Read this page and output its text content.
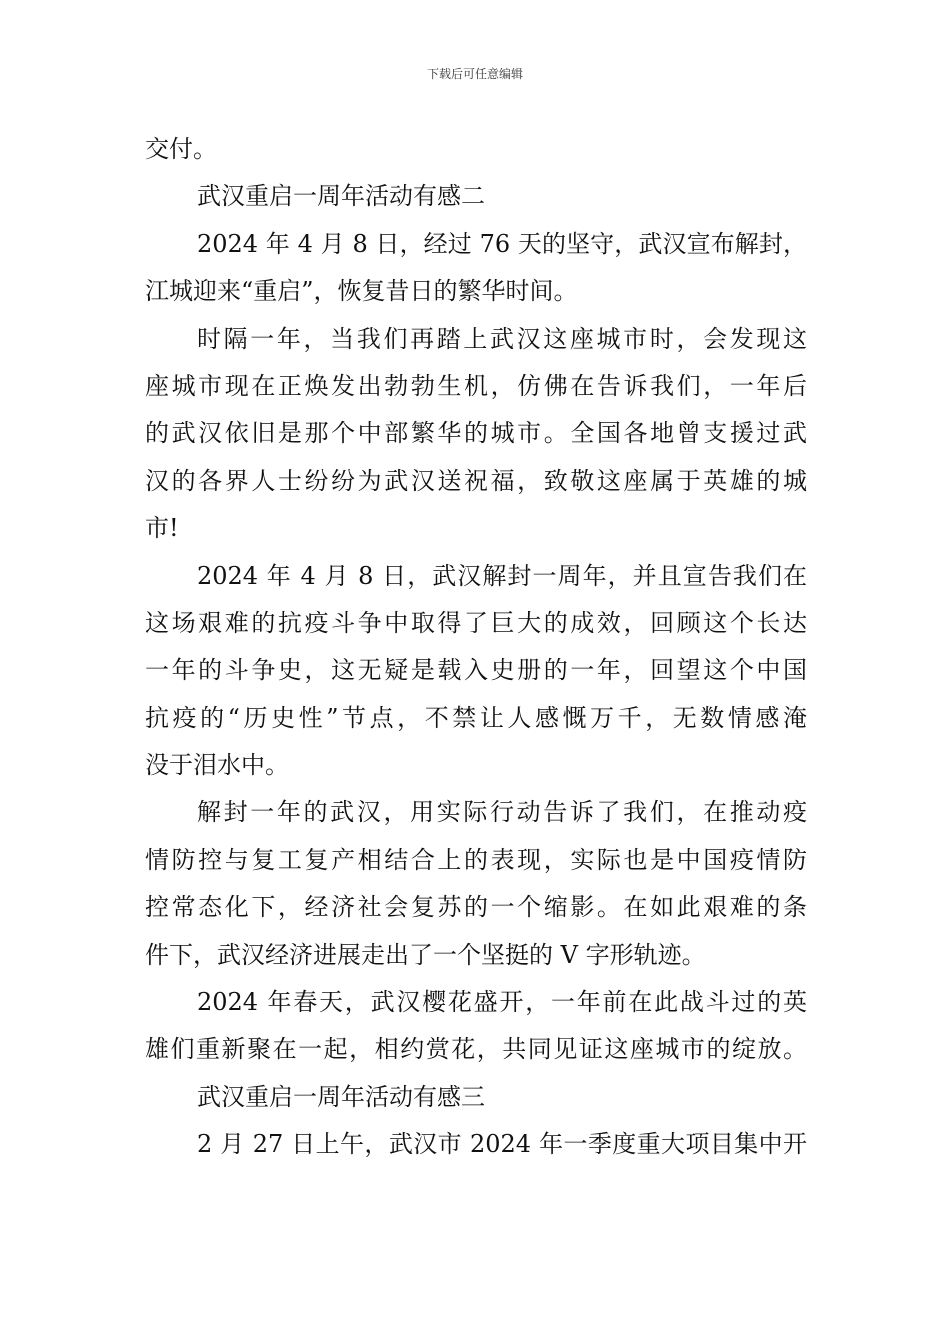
下载后可任意编辑
交付。
武汉重启一周年活动有感二
2024 年 4 月 8 日，经过 76 天的坚守，武汉宣布解封，
江城迎来“重启”，恢复昔日的繁华时间。
时隔一年，当我们再踏上武汉这座城市时，会发现这
座城市现在正焕发出勃勃生机，仿佛在告诉我们，一年后
的武汉依旧是那个中部繁华的城市。全国各地曾支援过武
汉的各界人士纷纷为武汉送祝福，致敬这座属于英雄的城
市!
2024 年 4 月 8 日，武汉解封一周年，并且宣告我们在
这场艰难的抗疫斗争中取得了巨大的成效，回顾这个长达
一年的斗争史，这无疑是载入史册的一年，回望这个中国
抗疫的“历史性”节点，不禁让人感慨万千，无数情感淹
没于泪水中。
解封一年的武汉，用实际行动告诉了我们，在推动疫
情防控与复工复产相结合上的表现，实际也是中国疫情防
控常态化下，经济社会复苏的一个缩影。在如此艰难的条
件下，武汉经济进展走出了一个坚挺的 V 字形轨迹。
2024 年春天，武汉樱花盛开，一年前在此战斗过的英
雄们重新聚在一起，相约赏花，共同见证这座城市的绽放。
武汉重启一周年活动有感三
2 月 27 日上午，武汉市 2024 年一季度重大项目集中开
